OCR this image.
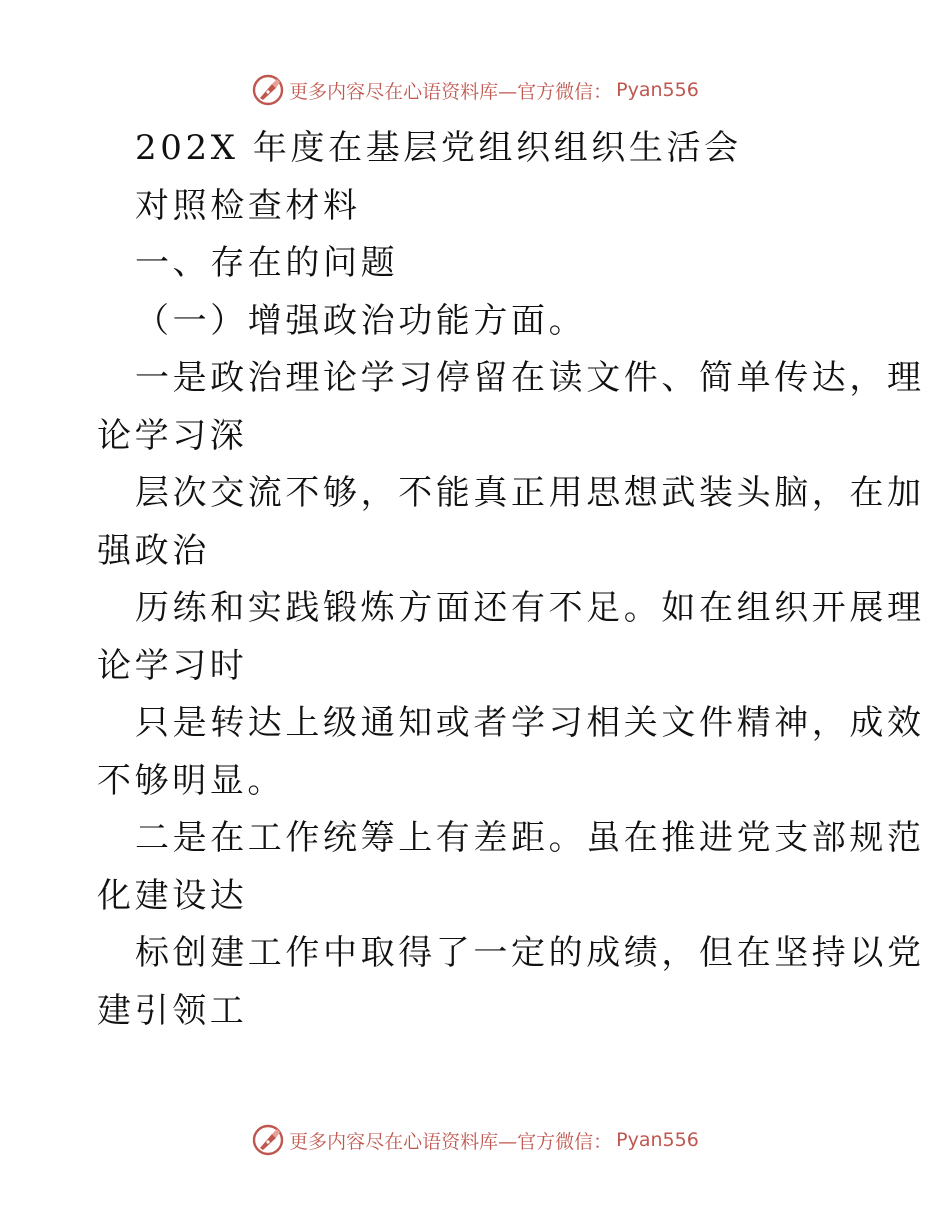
更多内容尽在心语资料库—官方微信： Pyan556
202X 年度在基层党组织组织生活会
对照检查材料
一、存在的问题
（一）增强政治功能方面。
一是政治理论学习停留在读文件、简单传达，理
论学习深
层次交流不够，不能真正用思想武装头脑，在加
强政治
历练和实践锻炼方面还有不足。如在组织开展理
论学习时
只是转达上级通知或者学习相关文件精神，成效
不够明显。
二是在工作统筹上有差距。虽在推进党支部规范
化建设达
标创建工作中取得了一定的成绩，但在坚持以党
建引领工
更多内容尽在心语资料库—官方微信： Pyan556
